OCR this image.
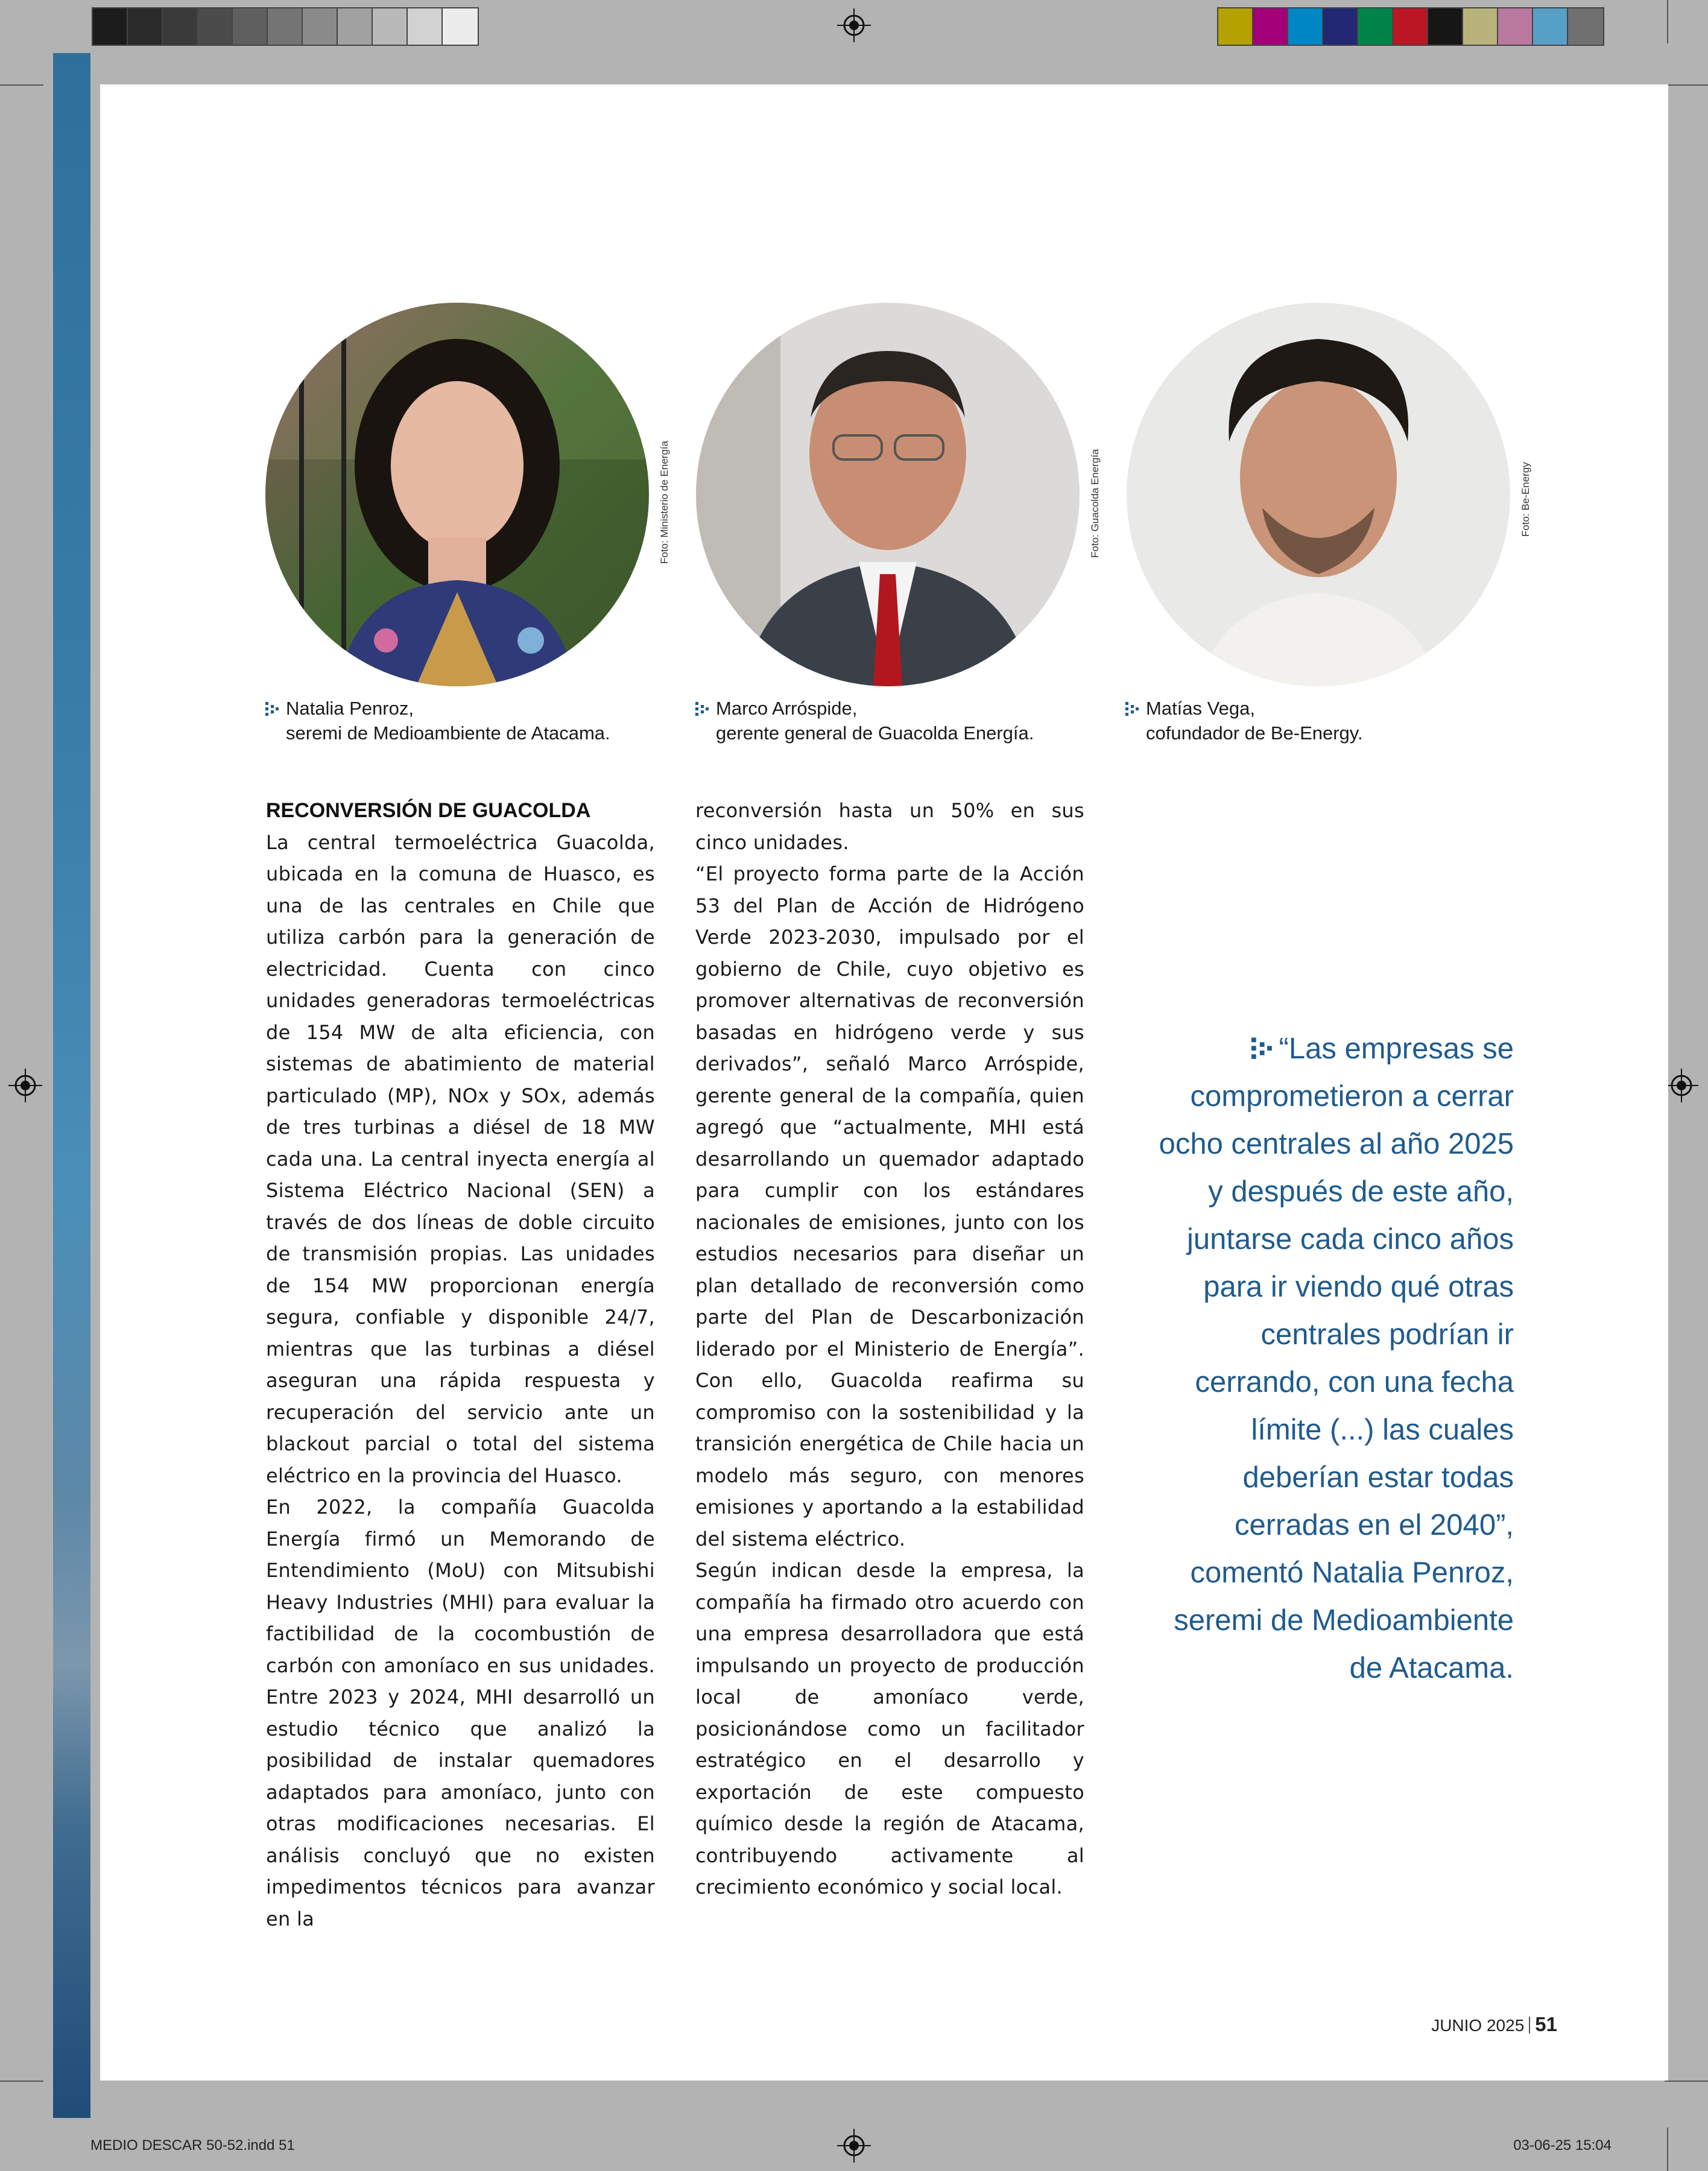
MEDIO DESCAR 50-52.indd 51	03-06-25 15:04
Foto: Ministerio de Energía	Foto: Guacolda Energía	Foto: Be-Energy
Natalia Penroz,
seremi de Medioambiente de Atacama.
Marco Arróspide,
gerente general de Guacolda Energía.
Matías Vega,
cofundador de Be-Energy.

RECONVERSIÓN DE GUACOLDA

La central termoeléctrica Guacolda, ubicada en la comuna de Huasco, es una de las centrales en Chile que utiliza carbón para la generación de electricidad. Cuenta con cinco unidades generadoras termoeléctricas de 154 MW de alta eficiencia, con sistemas de abatimiento de material particulado (MP), NOx y SOx, además de tres turbinas a diésel de 18 MW cada una. La central inyecta energía al Sistema Eléctrico Nacional (SEN) a través de dos líneas de doble circuito de transmisión propias. Las unidades de 154 MW proporcionan energía segura, confiable y disponible 24/7, mientras que las turbinas a diésel aseguran una rápida respuesta y recuperación del servicio ante un blackout parcial o total del sistema eléctrico en la provincia del Huasco.

En 2022, la compañía Guacolda Energía firmó un Memorando de Entendimiento (MoU) con Mitsubishi Heavy Industries (MHI) para evaluar la factibilidad de la cocombustión de carbón con amoníaco en sus unidades. Entre 2023 y 2024, MHI desarrolló un estudio técnico que analizó la posibilidad de instalar quemadores adaptados para amoníaco, junto con otras modificaciones necesarias. El análisis concluyó que no existen impedimentos técnicos para avanzar en la

reconversión hasta un 50% en sus cinco unidades.

“El proyecto forma parte de la Acción 53 del Plan de Acción de Hidrógeno Verde 2023-2030, impulsado por el gobierno de Chile, cuyo objetivo es promover alternativas de reconversión basadas en hidrógeno verde y sus derivados”, señaló Marco Arróspide, gerente general de la compañía, quien agregó que “actualmente, MHI está desarrollando un quemador adaptado para cumplir con los estándares nacionales de emisiones, junto con los estudios necesarios para diseñar un plan detallado de reconversión como parte del Plan de Descarbonización liderado por el Ministerio de Energía”. Con ello, Guacolda reafirma su compromiso con la sostenibilidad y la transición energética de Chile hacia un modelo más seguro, con menores emisiones y aportando a la estabilidad del sistema eléctrico.

Según indican desde la empresa, la compañía ha firmado otro acuerdo con una empresa desarrolladora que está impulsando un proyecto de producción local de amoníaco verde, posicionándose como un facilitador estratégico en el desarrollo y exportación de este compuesto químico desde la región de Atacama, contribuyendo activamente al crecimiento económico y social local.

“Las empresas se comprometieron a cerrar ocho centrales al año 2025 y después de este año, juntarse cada cinco años para ir viendo qué otras centrales podrían ir cerrando, con una fecha límite (...) las cuales deberían estar todas cerradas en el 2040”, comentó Natalia Penroz, seremi de Medioambiente de Atacama.
JUNIO 2025 51
